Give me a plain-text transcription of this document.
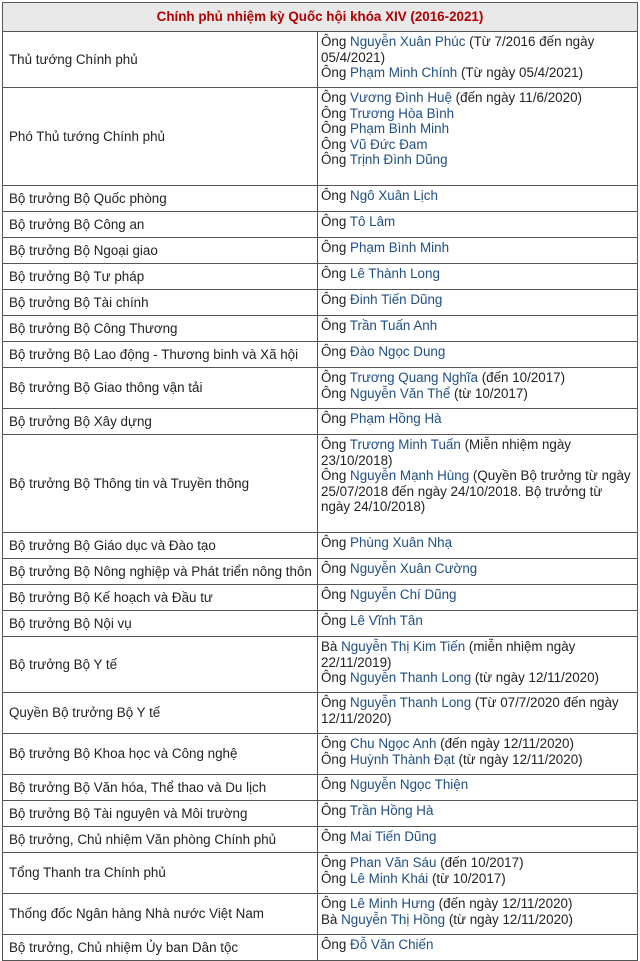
Chính phủ nhiệm kỳ Quốc hội khóa XIV (2016-2021)	
Thủ tướng Chính phủ	Ông Nguyễn Xuân Phúc (Từ 7/2016 đến ngày 05/4/2021)
Ông Phạm Minh Chính (Từ ngày 05/4/2021)

Phó Thủ tướng Chính phủ	Ông Vương Đình Huệ (đến ngày 11/6/2020)
Ông Trương Hòa Bình
Ông Phạm Bình Minh
Ông Vũ Đức Đam
Ông Trịnh Đình Dũng

Bộ trưởng Bộ Quốc phòng	Ông Ngô Xuân Lịch

Bộ trưởng Bộ Công an	Ông Tô Lâm

Bộ trưởng Bộ Ngoại giao	Ông Phạm Bình Minh

Bộ trưởng Bộ Tư pháp	Ông Lê Thành Long

Bộ trưởng Bộ Tài chính	Ông Đinh Tiến Dũng

Bộ trưởng Bộ Công Thương	Ông Trần Tuấn Anh

Bộ trưởng Bộ Lao động - Thương binh và Xã hội	Ông Đào Ngọc Dung

Bộ trưởng Bộ Giao thông vận tải	Ông Trương Quang Nghĩa (đến 10/2017)
Ông Nguyễn Văn Thể (từ 10/2017)

Bộ trưởng Bộ Xây dựng	Ông Phạm Hồng Hà

Bộ trưởng Bộ Thông tin và Truyền thông	Ông Trương Minh Tuấn (Miễn nhiệm ngày 23/10/2018)
Ông Nguyễn Mạnh Hùng (Quyền Bộ trưởng từ ngày 25/07/2018 đến ngày 24/10/2018. Bộ trưởng từ ngày 24/10/2018)

Bộ trưởng Bộ Giáo dục và Đào tạo	Ông Phùng Xuân Nhạ

Bộ trưởng Bộ Nông nghiệp và Phát triển nông thôn	Ông Nguyễn Xuân Cường

Bộ trưởng Bộ Kế hoạch và Đầu tư	Ông Nguyễn Chí Dũng

Bộ trưởng Bộ Nội vụ	Ông Lê Vĩnh Tân

Bộ trưởng Bộ Y tế	Bà Nguyễn Thị Kim Tiến (miễn nhiệm ngày 22/11/2019)
Ông Nguyễn Thanh Long (từ ngày 12/11/2020)

Quyền Bộ trưởng Bộ Y tế	Ông Nguyễn Thanh Long (Từ 07/7/2020 đến ngày 12/11/2020)

Bộ trưởng Bộ Khoa học và Công nghệ	Ông Chu Ngọc Anh (đến ngày 12/11/2020)
Ông Huỳnh Thành Đạt (từ ngày 12/11/2020)

Bộ trưởng Bộ Văn hóa, Thể thao và Du lịch	Ông Nguyễn Ngọc Thiện

Bộ trưởng Bộ Tài nguyên và Môi trường	Ông Trần Hồng Hà

Bộ trưởng, Chủ nhiệm Văn phòng Chính phủ	Ông Mai Tiến Dũng

Tổng Thanh tra Chính phủ	Ông Phan Văn Sáu (đến 10/2017)
Ông Lê Minh Khái (từ 10/2017)

Thống đốc Ngân hàng Nhà nước Việt Nam	Ông Lê Minh Hưng (đến ngày 12/11/2020)
Bà Nguyễn Thị Hồng (từ ngày 12/11/2020)

Bộ trưởng, Chủ nhiệm Ủy ban Dân tộc	Ông Đỗ Văn Chiến
